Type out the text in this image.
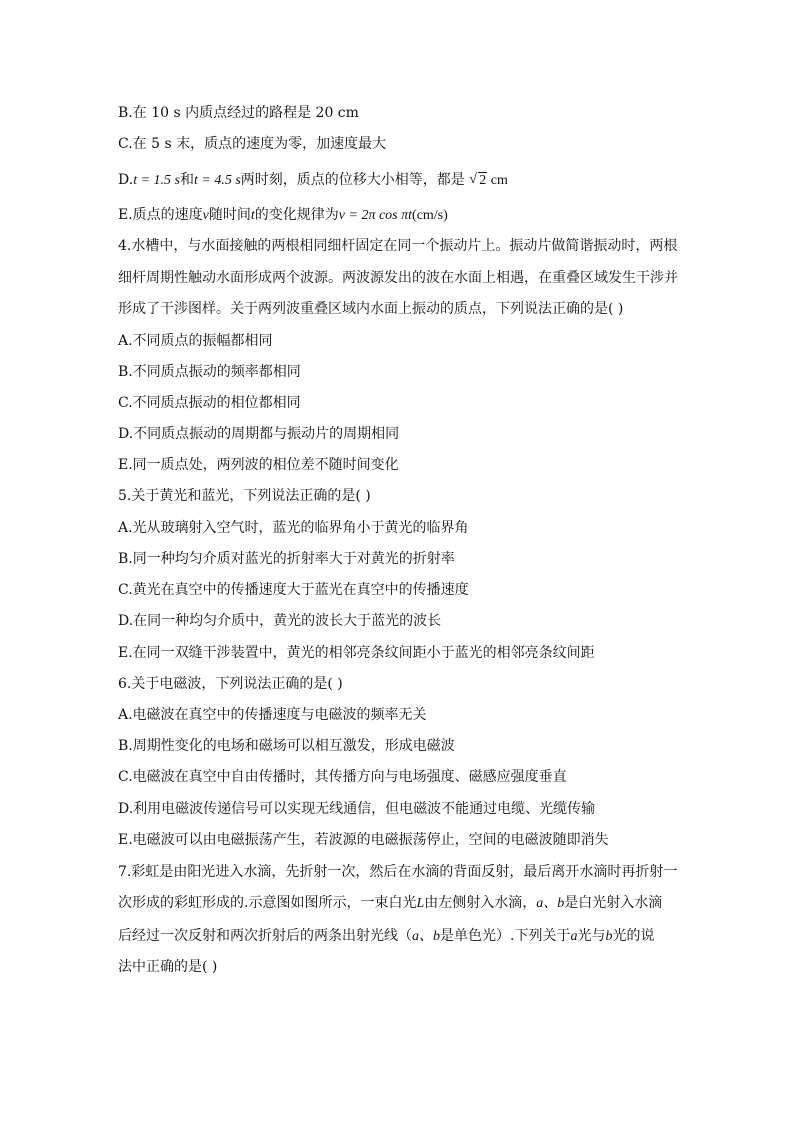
B.在 10 s 内质点经过的路程是 20 cm
C.在 5 s 末，质点的速度为零，加速度最大
D.t = 1.5 s和t = 4.5 s两时刻，质点的位移大小相等，都是 √ 2 cm
E.质点的速度v随时间t的变化规律为v = 2π cos πt(cm/s)
4.水槽中，与水面接触的两根相同细杆固定在同一个振动片上。振动片做简谐振动时，两根
细杆周期性触动水面形成两个波源。两波源发出的波在水面上相遇，在重叠区域发生干涉并
形成了干涉图样。关于两列波重叠区域内水面上振动的质点，下列说法正确的是( )
A.不同质点的振幅都相同
B.不同质点振动的频率都相同
C.不同质点振动的相位都相同
D.不同质点振动的周期都与振动片的周期相同
E.同一质点处，两列波的相位差不随时间变化
5.关于黄光和蓝光，下列说法正确的是( )
A.光从玻璃射入空气时，蓝光的临界角小于黄光的临界角
B.同一种均匀介质对蓝光的折射率大于对黄光的折射率
C.黄光在真空中的传播速度大于蓝光在真空中的传播速度
D.在同一种均匀介质中，黄光的波长大于蓝光的波长
E.在同一双缝干涉装置中，黄光的相邻亮条纹间距小于蓝光的相邻亮条纹间距
6.关于电磁波，下列说法正确的是( )
A.电磁波在真空中的传播速度与电磁波的频率无关
B.周期性变化的电场和磁场可以相互激发，形成电磁波
C.电磁波在真空中自由传播时，其传播方向与电场强度、磁感应强度垂直
D.利用电磁波传递信号可以实现无线通信，但电磁波不能通过电缆、光缆传输
E.电磁波可以由电磁振荡产生，若波源的电磁振荡停止，空间的电磁波随即消失
7.彩虹是由阳光进入水滴，先折射一次，然后在水滴的背面反射，最后离开水滴时再折射一
次形成的彩虹形成的.示意图如图所示，一束白光L由左侧射入水滴，a、b是白光射入水滴
后经过一次反射和两次折射后的两条出射光线（a、b是单色光）.下列关于a光与b光的说
法中正确的是( )
